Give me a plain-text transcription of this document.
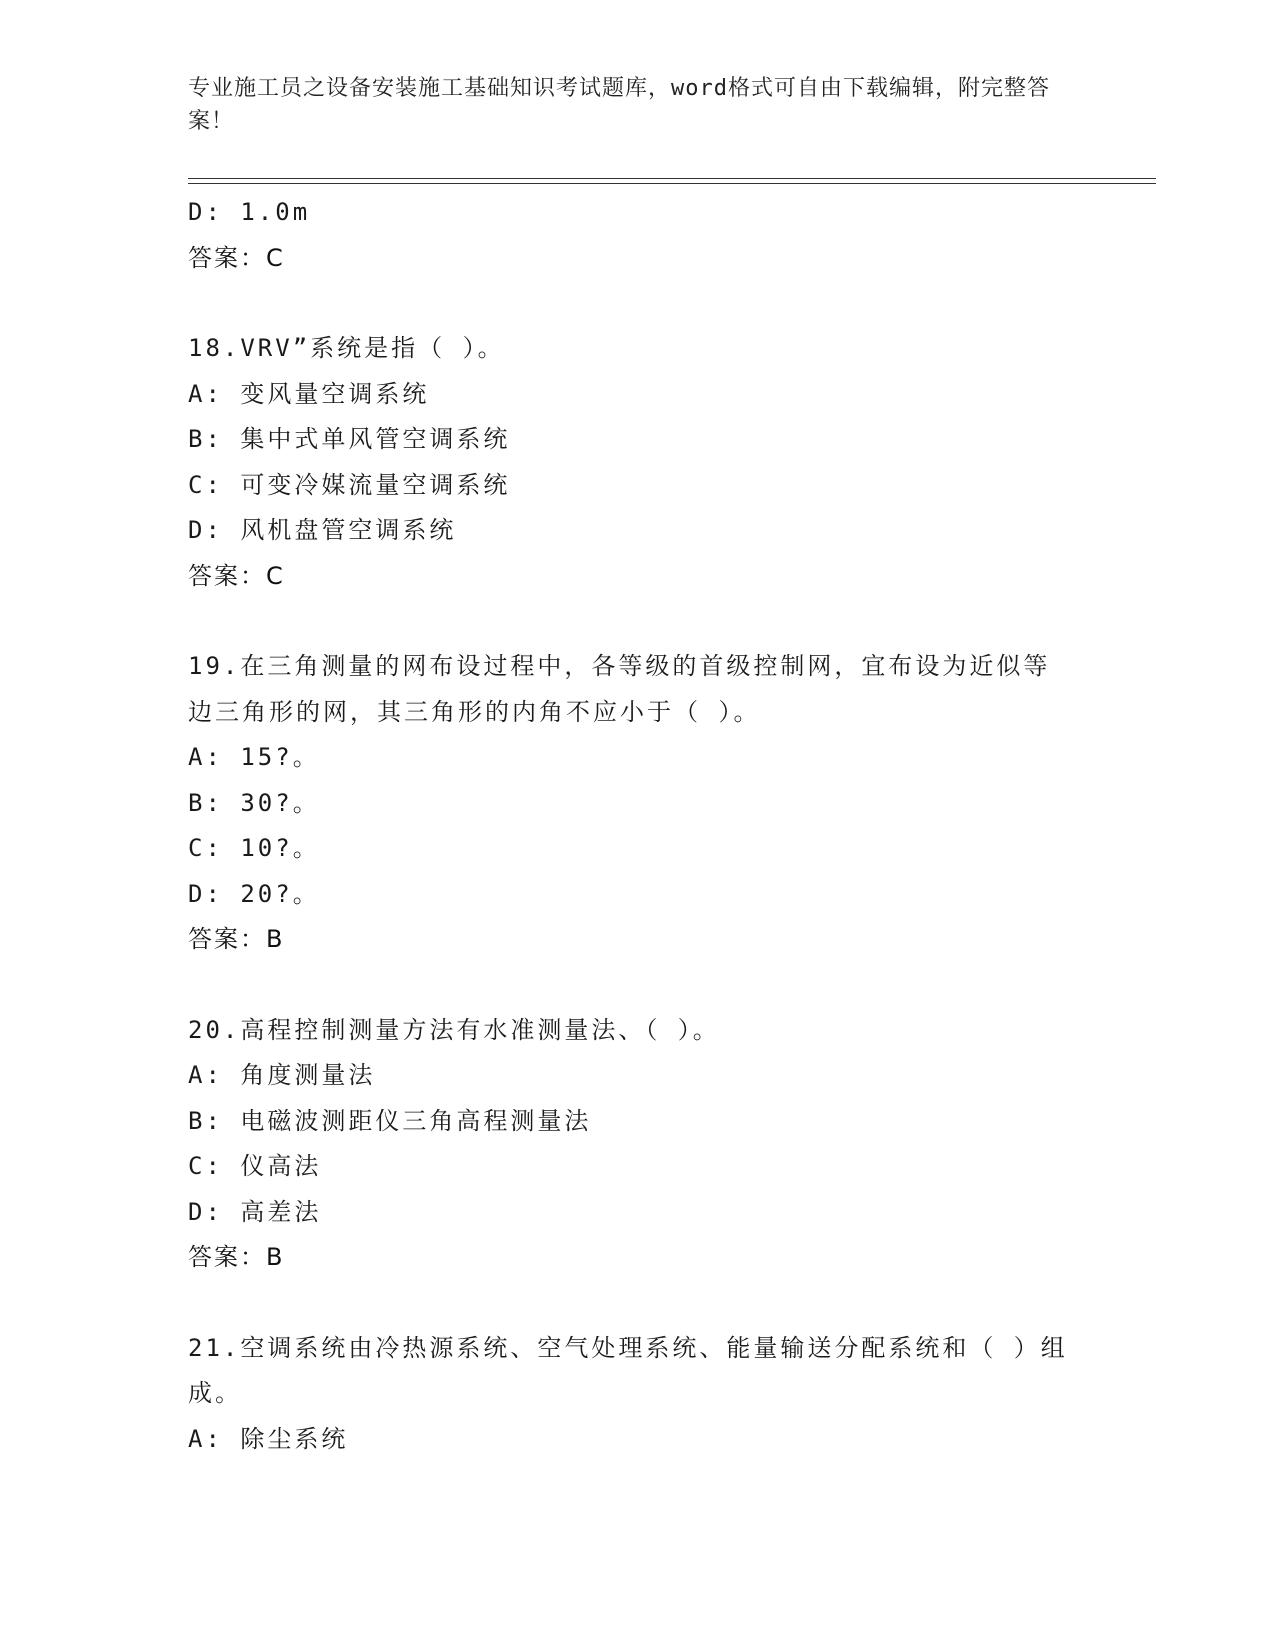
专业施工员之设备安装施工基础知识考试题库，word格式可自由下载编辑，附完整答案！
D: 1.0m
答案：C
18.VRV”系统是指（ ）。
A: 变风量空调系统
B: 集中式单风管空调系统
C: 可变冷媒流量空调系统
D: 风机盘管空调系统
答案：C
19.在三角测量的网布设过程中，各等级的首级控制网，宜布设为近似等边三角形的网，其三角形的内角不应小于（ ）。
A: 15?。
B: 30?。
C: 10?。
D: 20?。
答案：B
20.高程控制测量方法有水准测量法、（ ）。
A: 角度测量法
B: 电磁波测距仪三角高程测量法
C: 仪高法
D: 高差法
答案：B
21.空调系统由冷热源系统、空气处理系统、能量输送分配系统和（ ）组成。
A: 除尘系统
